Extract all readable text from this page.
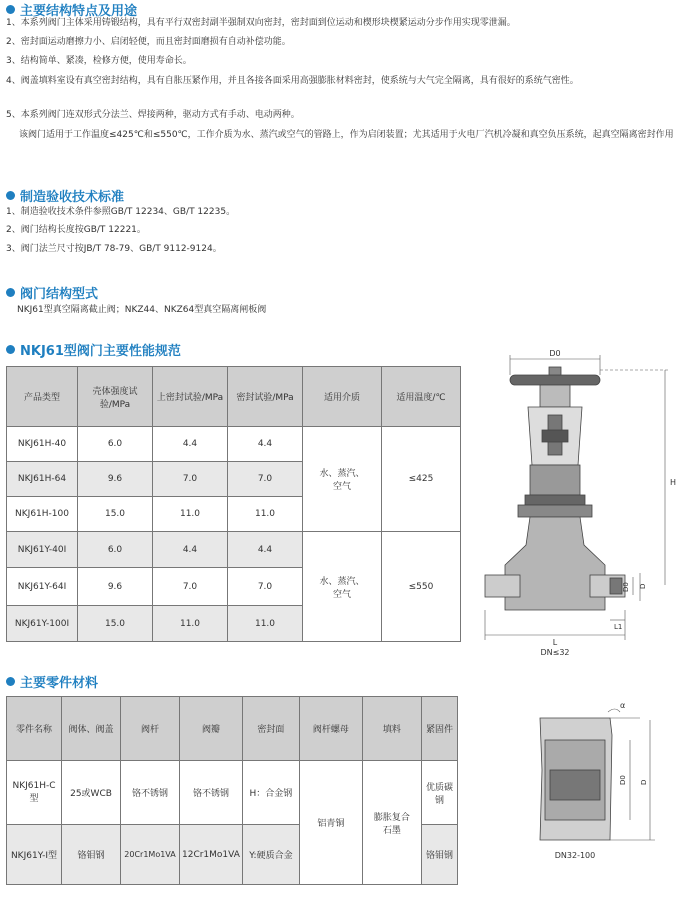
主要结构特点及用途
1、本系列阀门主体采用铸锻结构，具有平行双密封副半强制双向密封，密封面到位运动和楔形块楔紧运动分步作用实现零泄漏。
2、密封面运动磨擦力小、启闭轻便，而且密封面磨损有自动补偿功能。
3、结构简单、紧凑，检修方便，使用寿命长。
4、阀盖填料室设有真空密封结构，具有自胀压紧作用，并且各接各面采用高强膨胀材料密封，使系统与大气完全隔离，具有很好的系统气密性。
5、本系列阀门连双形式分法兰、焊接两种，驱动方式有手动、电动两种。
该阀门适用于工作温度≤425℃和≤550℃，工作介质为水、蒸汽或空气的管路上，作为启闭装置；尤其适用于火电厂汽机冷凝和真空负压系统，起真空隔离密封作用
制造验收技术标准
1、制造验收技术条件参照GB/T 12234、GB/T 12235。
2、阀门结构长度按GB/T 12221。
3、阀门法兰尺寸按JB/T 78-79、GB/T 9112-9124。
阀门结构型式
NKJ61型真空隔离截止阀；NKZ44、NKZ64型真空隔离闸板阀
NKJ61型阀门主要性能规范
产品类型	壳体强度试验/MPa	上密封试验/MPa	密封试验/MPa	适用介质	适用温度/℃
NKJ61H-40	6.0	4.4	4.4	水、蒸汽、空气	≤425
NKJ61H-64	9.6	7.0	7.0		
NKJ61H-100	15.0	11.0	11.0		
NKJ61Y-40I	6.0	4.4	4.4	水、蒸汽、空气	≤550
NKJ61Y-64I	9.6	7.0	7.0		
NKJ61Y-100I	15.0	11.0	11.0		
D0
H
L
L1
D0 D
DN≤32
主要零件材料
零件名称	阀体、阀盖	阀杆	阀瓣	密封面	阀杆螺母	填料	紧固件
NKJ61H-C型	25或WCB	铬不锈钢	铬不锈钢	H：合金钢	铝青铜	膨胀复合石墨	优质碳钢
NKJ61Y-I型	铬钼钢	20Cr1Mo1VA	12Cr1Mo1VA	Y:硬质合金			铬钼钢
α
D0 D
DN32-100
